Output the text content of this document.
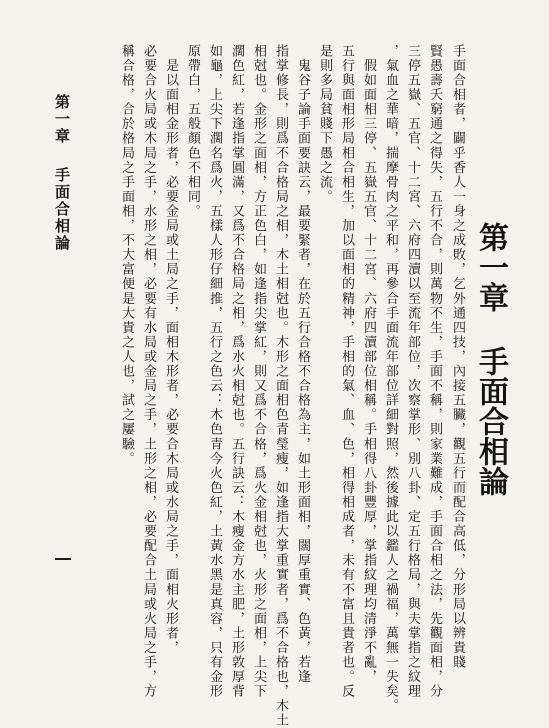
第一章手面合相論
手面合相者，闢乎香人一身之成敗，乞外通四技，內接五臟，觀五行而配合高低，分形局以辨貴賤
賢愚壽夭窮通之得失，五行不合，則萬物不生，手面不稱，則家業難成，手面合相之法，先觀面相，分
三停五嶽、五官、十二宮、六府四瀆以至流年部位，次察掌形、別八卦、定五行格局，與夫掌指之紋理
，氣血之華暗，揣摩骨肉之平和，再參合手面流年部位詳細對照，然後據此以鑑人之禍福，萬無一失矣。
　假如面相三停、五嶽五官、十二宮、六府四瀆部位相稱。手相得八卦豐厚，掌指紋理均清淨不亂，
五行與面相形局相合相生，加以面相的精神，手相的氣、血、色，相得相成者，未有不富且貴者也。反
是則多局貧賤下愚之流。
　鬼谷子論手面要訣云，最要緊者，在於五行合格不合格為主，如土形面相，闊厚重實、色黃，若逢
指掌修長，則爲不合格局之相，木土相尅也。木形之面相色青瑩瘦，如逢指大掌重實者，爲不合格也，木土
相尅也。金形之面相，方正色白，如逢指尖掌紅，則又爲不合格，爲火金相尅也，火形之面相，上尖下
濶色紅，若逢指掌圓滿，又爲不合格局之相，爲水火相尅也。五行訣云：木瘦金方水主肥，土形敦厚背
如龜，上尖下濶名爲火，五樣人形仔細推，五行之色云：木色青今火色紅，土黃水黑是真容，只有金形
原帶白，五般顏色不相同。
　是以面相金形者，必要金局或土局之手，面相木形者，必要合木局或水局之手，面相火形者，
必要合火局或木局之手，水形之相，必要有水局或金局之手，土形之相，必要配合土局或火局之手，方
稱合格，合於格局之手面相，不大富便是大貴之人也，試之屢驗。
第一章手面合相論
